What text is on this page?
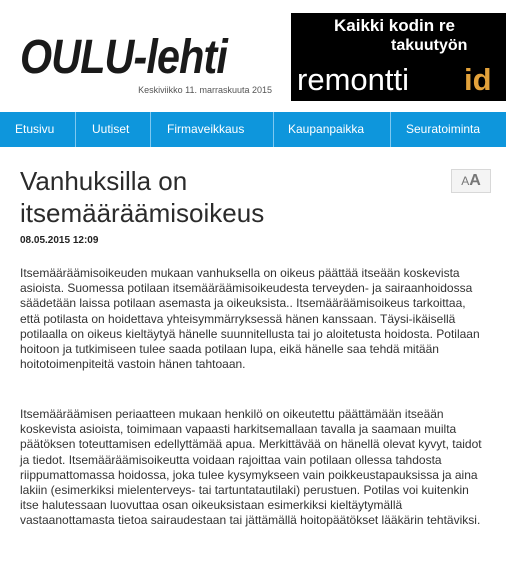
OULU-lehti
Keskiviikko 11. marraskuuta 2015
Kaikki kodin re
takuutyön
remontti id
Etusivu	Uutiset	Firmaveikkaus	Kaupanpaikka	Seuratoiminta
Vanhuksilla on itsemääräämisoikeus
08.05.2015 12:09
AA

Itsemääräämisoikeuden mukaan vanhuksella on oikeus päättää itseään koskevista asioista. Suomessa potilaan itsemääräämisoikeudesta terveyden- ja sairaanhoidossa säädetään laissa potilaan asemasta ja oikeuksista.. Itsemääräämisoikeus tarkoittaa, että potilasta on hoidettava yhteisymmärryksessä hänen kanssaan. Täysi-ikäisellä potilaalla on oikeus kieltäytyä hänelle suunnitellusta tai jo aloitetusta hoidosta. Potilaan hoitoon ja tutkimiseen tulee saada potilaan lupa, eikä hänelle saa tehdä mitään hoitotoimenpiteitä vastoin hänen tahtoaan.

Itsemääräämisen periaatteen mukaan henkilö on oikeutettu päättämään itseään koskevista asioista, toimimaan vapaasti harkitsemallaan tavalla ja saamaan muilta päätöksen toteuttamisen edellyttämää apua. Merkittävää on hänellä olevat kyvyt, taidot ja tiedot. Itsemääräämisoikeutta voidaan rajoittaa vain potilaan ollessa tahdosta riippumattomassa hoidossa, joka tulee kysymykseen vain poikkeustapauksissa ja aina lakiin (esimerkiksi mielenterveys- tai tartuntatautilaki) perustuen. Potilas voi kuitenkin itse halutessaan luovuttaa osan oikeuksistaan esimerkiksi kieltäytymällä vastaanottamasta tietoa sairaudestaan tai jättämällä hoitopäätökset lääkärin tehtäviksi.
